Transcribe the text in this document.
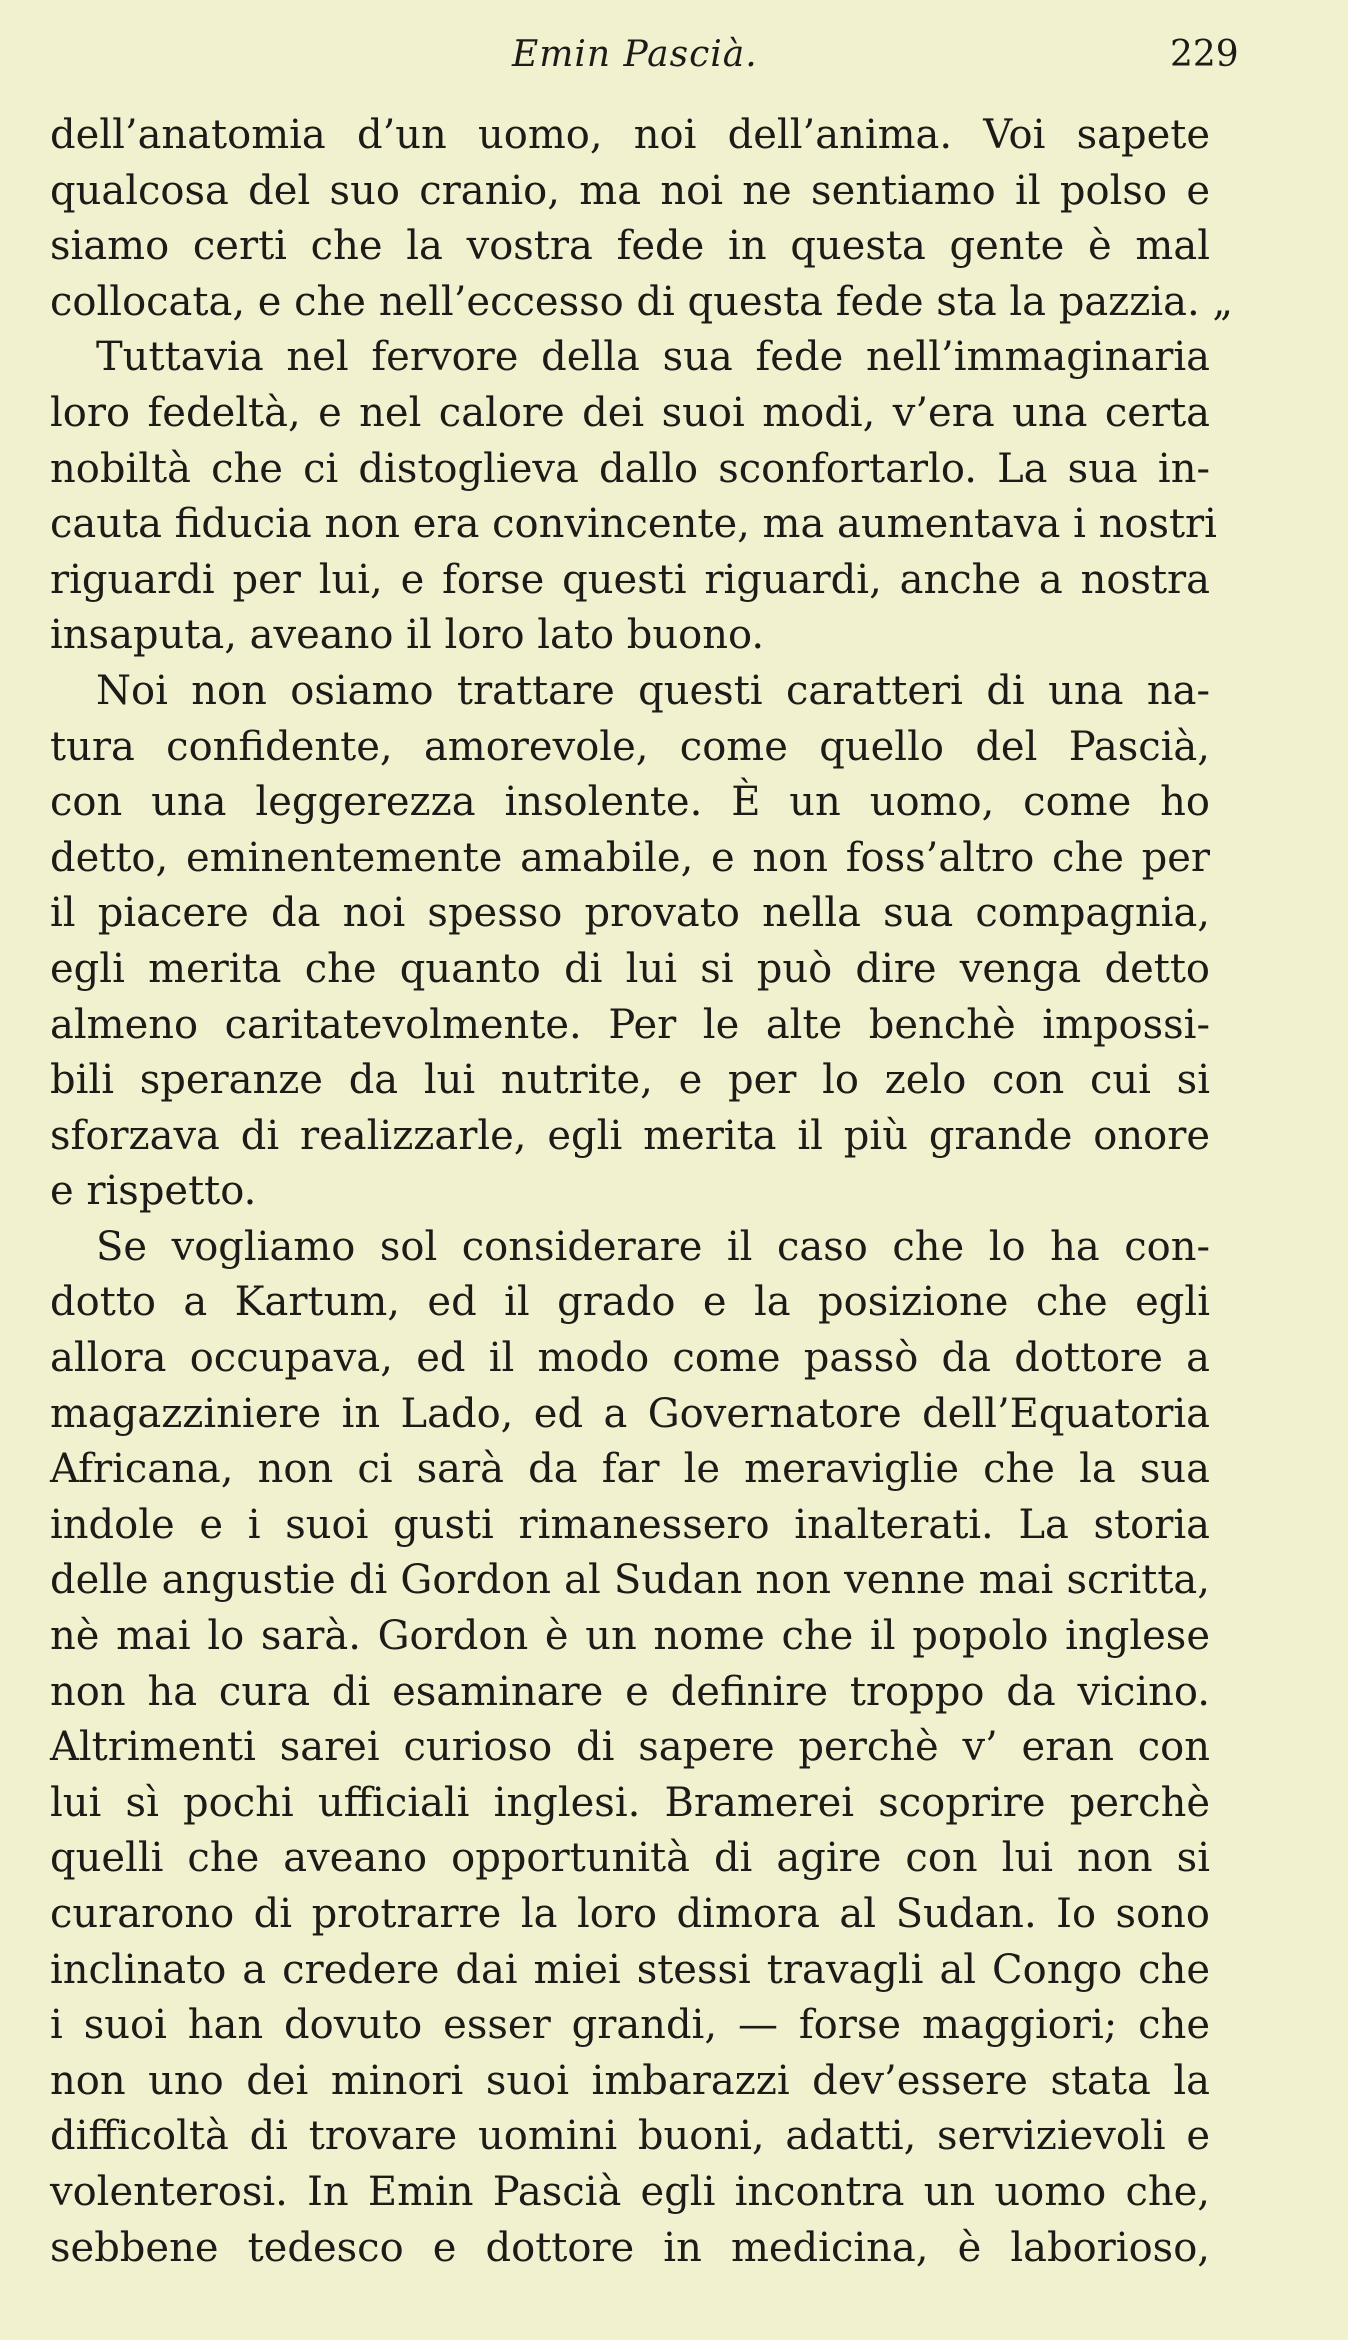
Emin Pascià.	229
dell’anatomia d’un uomo, noi dell’anima. Voi sapete
qualcosa del suo cranio, ma noi ne sentiamo il polso e
siamo certi che la vostra fede in questa gente è mal
collocata, e che nell’eccesso di questa fede sta la pazzia. „
Tuttavia nel fervore della sua fede nell’immaginaria
loro fedeltà, e nel calore dei suoi modi, v’era una certa
nobiltà che ci distoglieva dallo sconfortarlo. La sua in-
cauta fiducia non era convincente, ma aumentava i nostri
riguardi per lui, e forse questi riguardi, anche a nostra
insaputa, aveano il loro lato buono.
Noi non osiamo trattare questi caratteri di una na-
tura confidente, amorevole, come quello del Pascià,
con una leggerezza insolente. È un uomo, come ho
detto, eminentemente amabile, e non foss’altro che per
il piacere da noi spesso provato nella sua compagnia,
egli merita che quanto di lui si può dire venga detto
almeno caritatevolmente. Per le alte benchè impossi-
bili speranze da lui nutrite, e per lo zelo con cui si
sforzava di realizzarle, egli merita il più grande onore
e rispetto.
Se vogliamo sol considerare il caso che lo ha con-
dotto a Kartum, ed il grado e la posizione che egli
allora occupava, ed il modo come passò da dottore a
magazziniere in Lado, ed a Governatore dell’Equatoria
Africana, non ci sarà da far le meraviglie che la sua
indole e i suoi gusti rimanessero inalterati. La storia
delle angustie di Gordon al Sudan non venne mai scritta,
nè mai lo sarà. Gordon è un nome che il popolo inglese
non ha cura di esaminare e definire troppo da vicino.
Altrimenti sarei curioso di sapere perchè v’ eran con
lui sì pochi ufficiali inglesi. Bramerei scoprire perchè
quelli che aveano opportunità di agire con lui non si
curarono di protrarre la loro dimora al Sudan. Io sono
inclinato a credere dai miei stessi travagli al Congo che
i suoi han dovuto esser grandi, — forse maggiori; che
non uno dei minori suoi imbarazzi dev’essere stata la
difficoltà di trovare uomini buoni, adatti, servizievoli e
volenterosi. In Emin Pascià egli incontra un uomo che,
sebbene tedesco e dottore in medicina, è laborioso,
